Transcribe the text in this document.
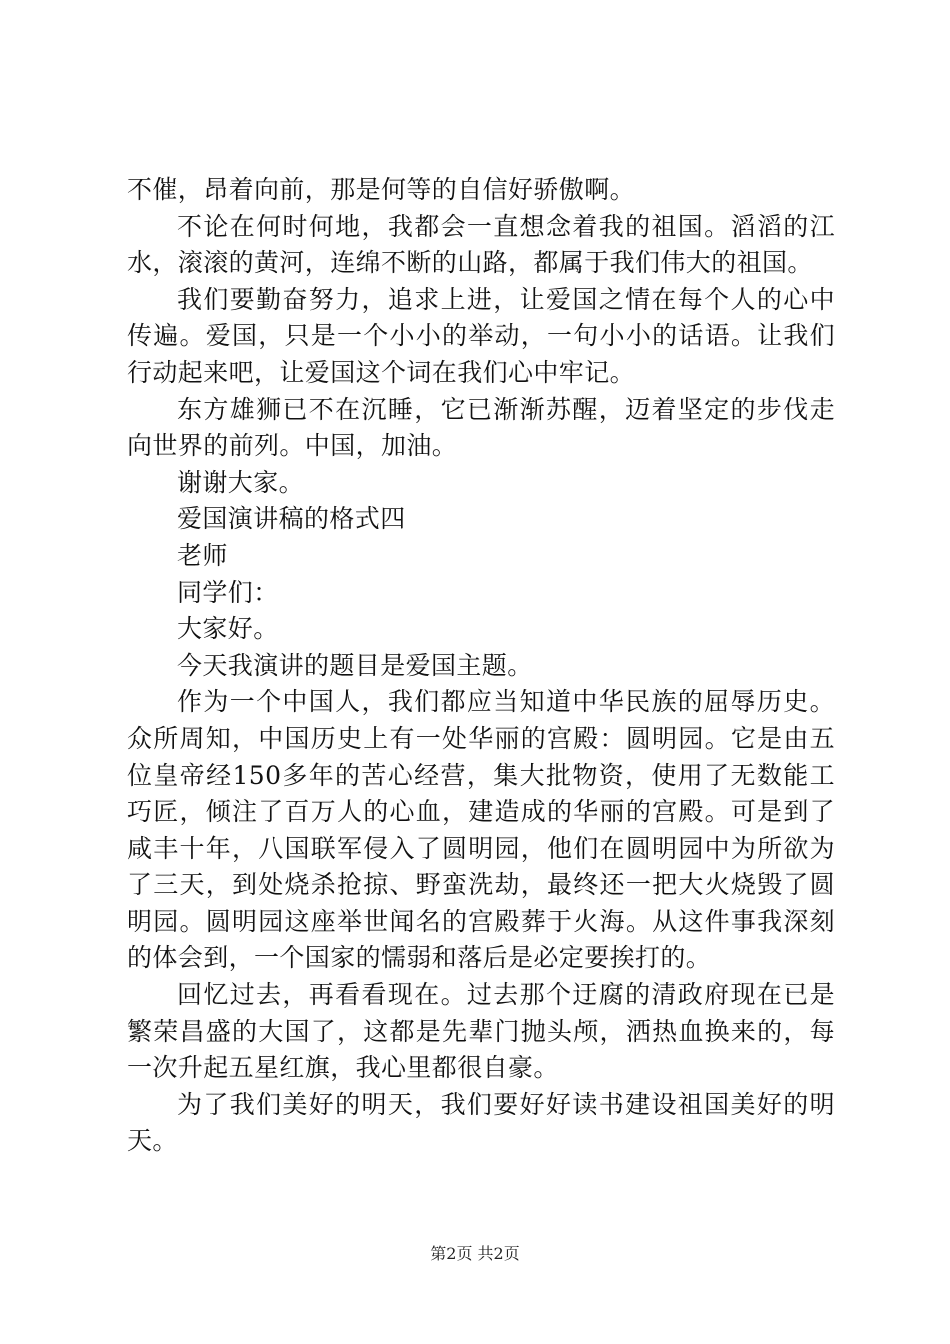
不催，昂着向前，那是何等的自信好骄傲啊。

不论在何时何地，我都会一直想念着我的祖国。滔滔的江水，滚滚的黄河，连绵不断的山路，都属于我们伟大的祖国。

我们要勤奋努力，追求上进，让爱国之情在每个人的心中传遍。爱国，只是一个小小的举动，一句小小的话语。让我们行动起来吧，让爱国这个词在我们心中牢记。

东方雄狮已不在沉睡，它已渐渐苏醒，迈着坚定的步伐走向世界的前列。中国，加油。

谢谢大家。

爱国演讲稿的格式四

老师

同学们：

大家好。

今天我演讲的题目是爱国主题。

作为一个中国人，我们都应当知道中华民族的屈辱历史。众所周知，中国历史上有一处华丽的宫殿：圆明园。它是由五位皇帝经150多年的苦心经营，集大批物资，使用了无数能工巧匠，倾注了百万人的心血，建造成的华丽的宫殿。可是到了咸丰十年，八国联军侵入了圆明园，他们在圆明园中为所欲为了三天，到处烧杀抢掠、野蛮洗劫，最终还一把大火烧毁了圆明园。圆明园这座举世闻名的宫殿葬于火海。从这件事我深刻的体会到，一个国家的懦弱和落后是必定要挨打的。

回忆过去，再看看现在。过去那个迂腐的清政府现在已是繁荣昌盛的大国了，这都是先辈门抛头颅，洒热血换来的，每一次升起五星红旗，我心里都很自豪。

为了我们美好的明天，我们要好好读书建设祖国美好的明天。

第2页 共2页
